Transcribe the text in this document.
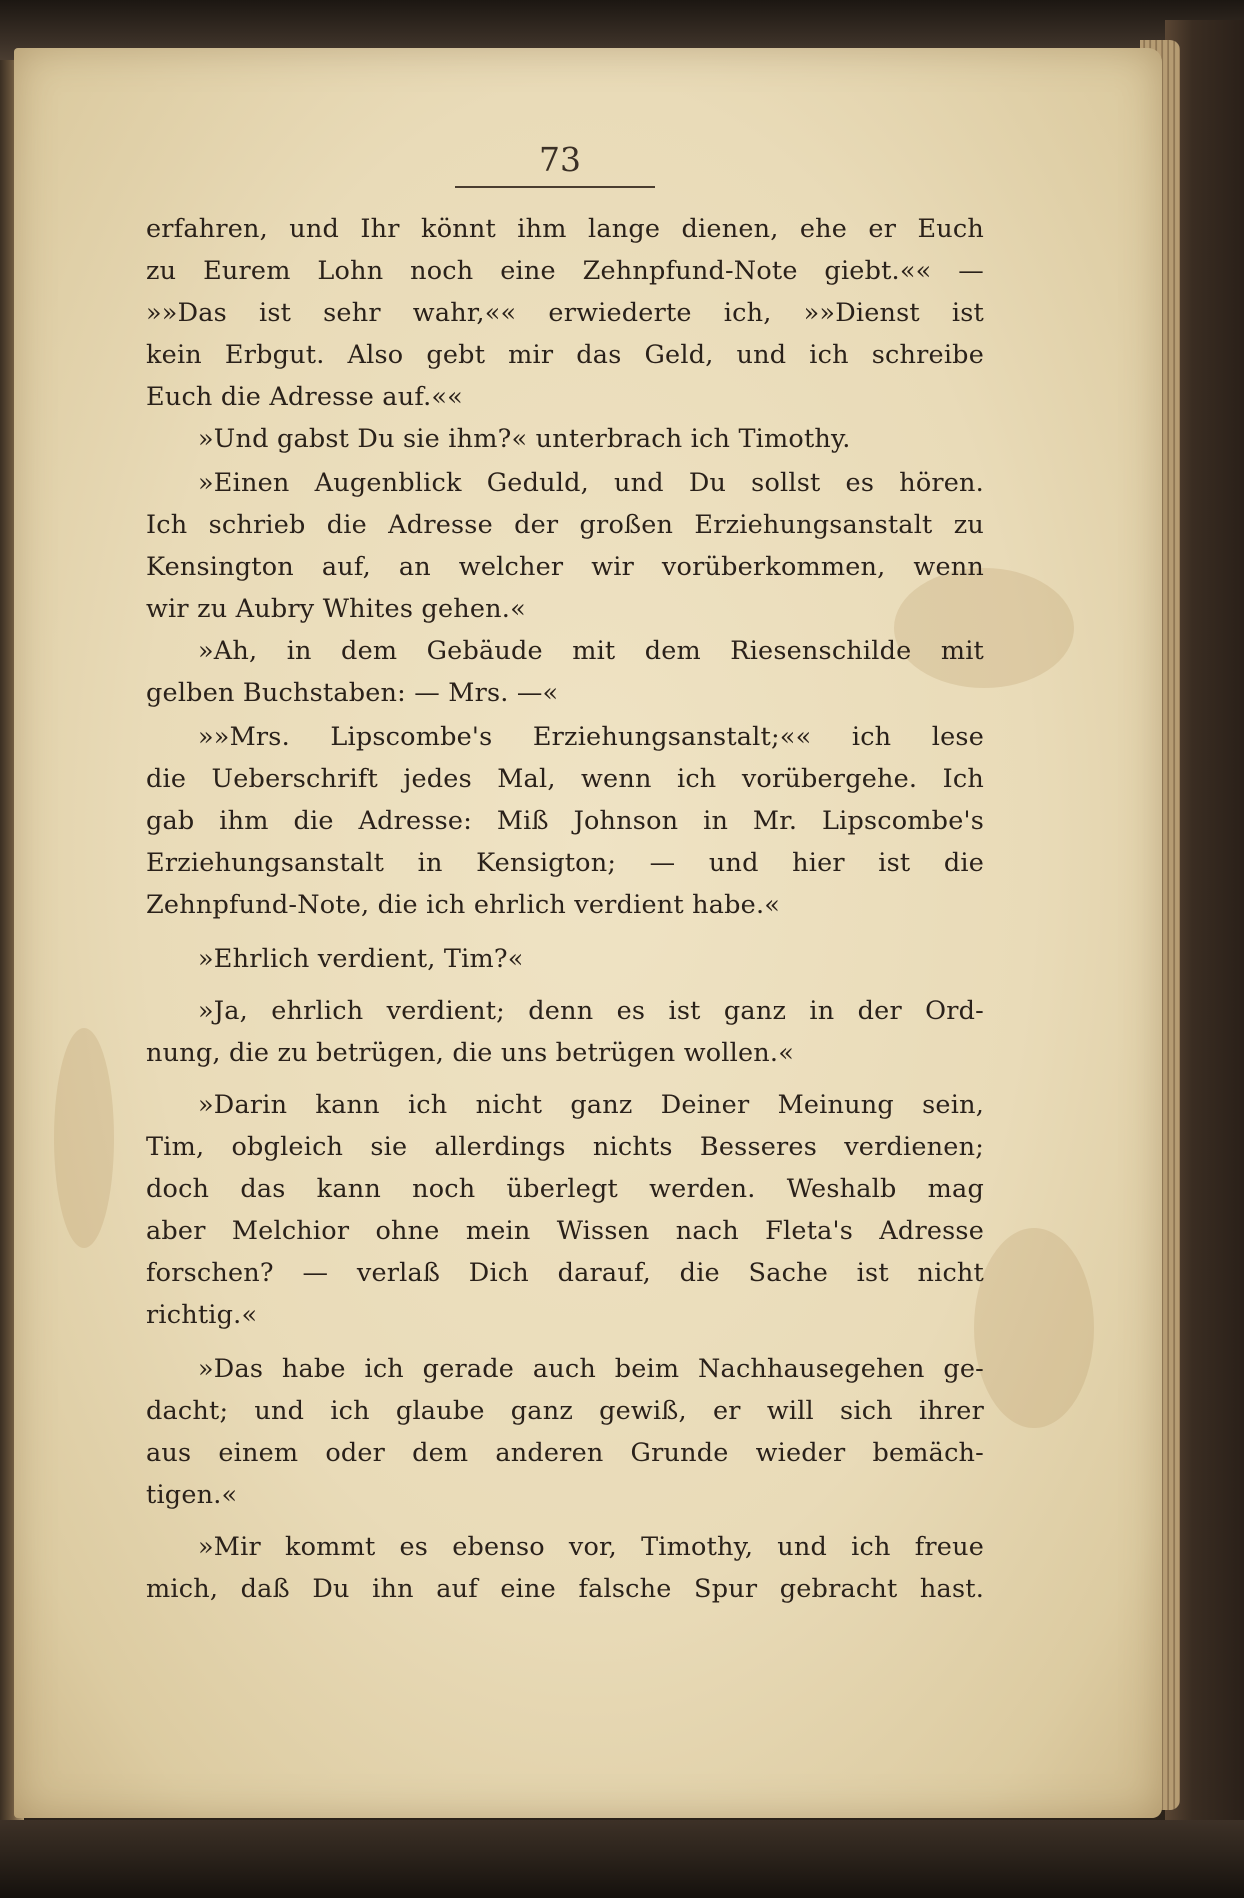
73
erfahren, und Ihr könnt ihm lange dienen, ehe er Euch
zu Eurem Lohn noch eine Zehnpfund-Note giebt.«« —
»»Das ist sehr wahr,«« erwiederte ich, »»Dienst ist
kein Erbgut. Also gebt mir das Geld, und ich schreibe
Euch die Adresse auf.««
»Und gabst Du sie ihm?« unterbrach ich Timothy.
»Einen Augenblick Geduld, und Du sollst es hören.
Ich schrieb die Adresse der großen Erziehungsanstalt zu
Kensington auf, an welcher wir vorüberkommen, wenn
wir zu Aubry Whites gehen.«
»Ah, in dem Gebäude mit dem Riesenschilde mit
gelben Buchstaben: — Mrs. —«
»»Mrs. Lipscombe's Erziehungsanstalt;«« ich lese
die Ueberschrift jedes Mal, wenn ich vorübergehe. Ich
gab ihm die Adresse: Miß Johnson in Mr. Lipscombe's
Erziehungsanstalt in Kensigton; — und hier ist die
Zehnpfund-Note, die ich ehrlich verdient habe.«
»Ehrlich verdient, Tim?«
»Ja, ehrlich verdient; denn es ist ganz in der Ord-
nung, die zu betrügen, die uns betrügen wollen.«
»Darin kann ich nicht ganz Deiner Meinung sein,
Tim, obgleich sie allerdings nichts Besseres verdienen;
doch das kann noch überlegt werden. Weshalb mag
aber Melchior ohne mein Wissen nach Fleta's Adresse
forschen? — verlaß Dich darauf, die Sache ist nicht
richtig.«
»Das habe ich gerade auch beim Nachhausegehen ge-
dacht; und ich glaube ganz gewiß, er will sich ihrer
aus einem oder dem anderen Grunde wieder bemäch-
tigen.«
»Mir kommt es ebenso vor, Timothy, und ich freue
mich, daß Du ihn auf eine falsche Spur gebracht hast.
